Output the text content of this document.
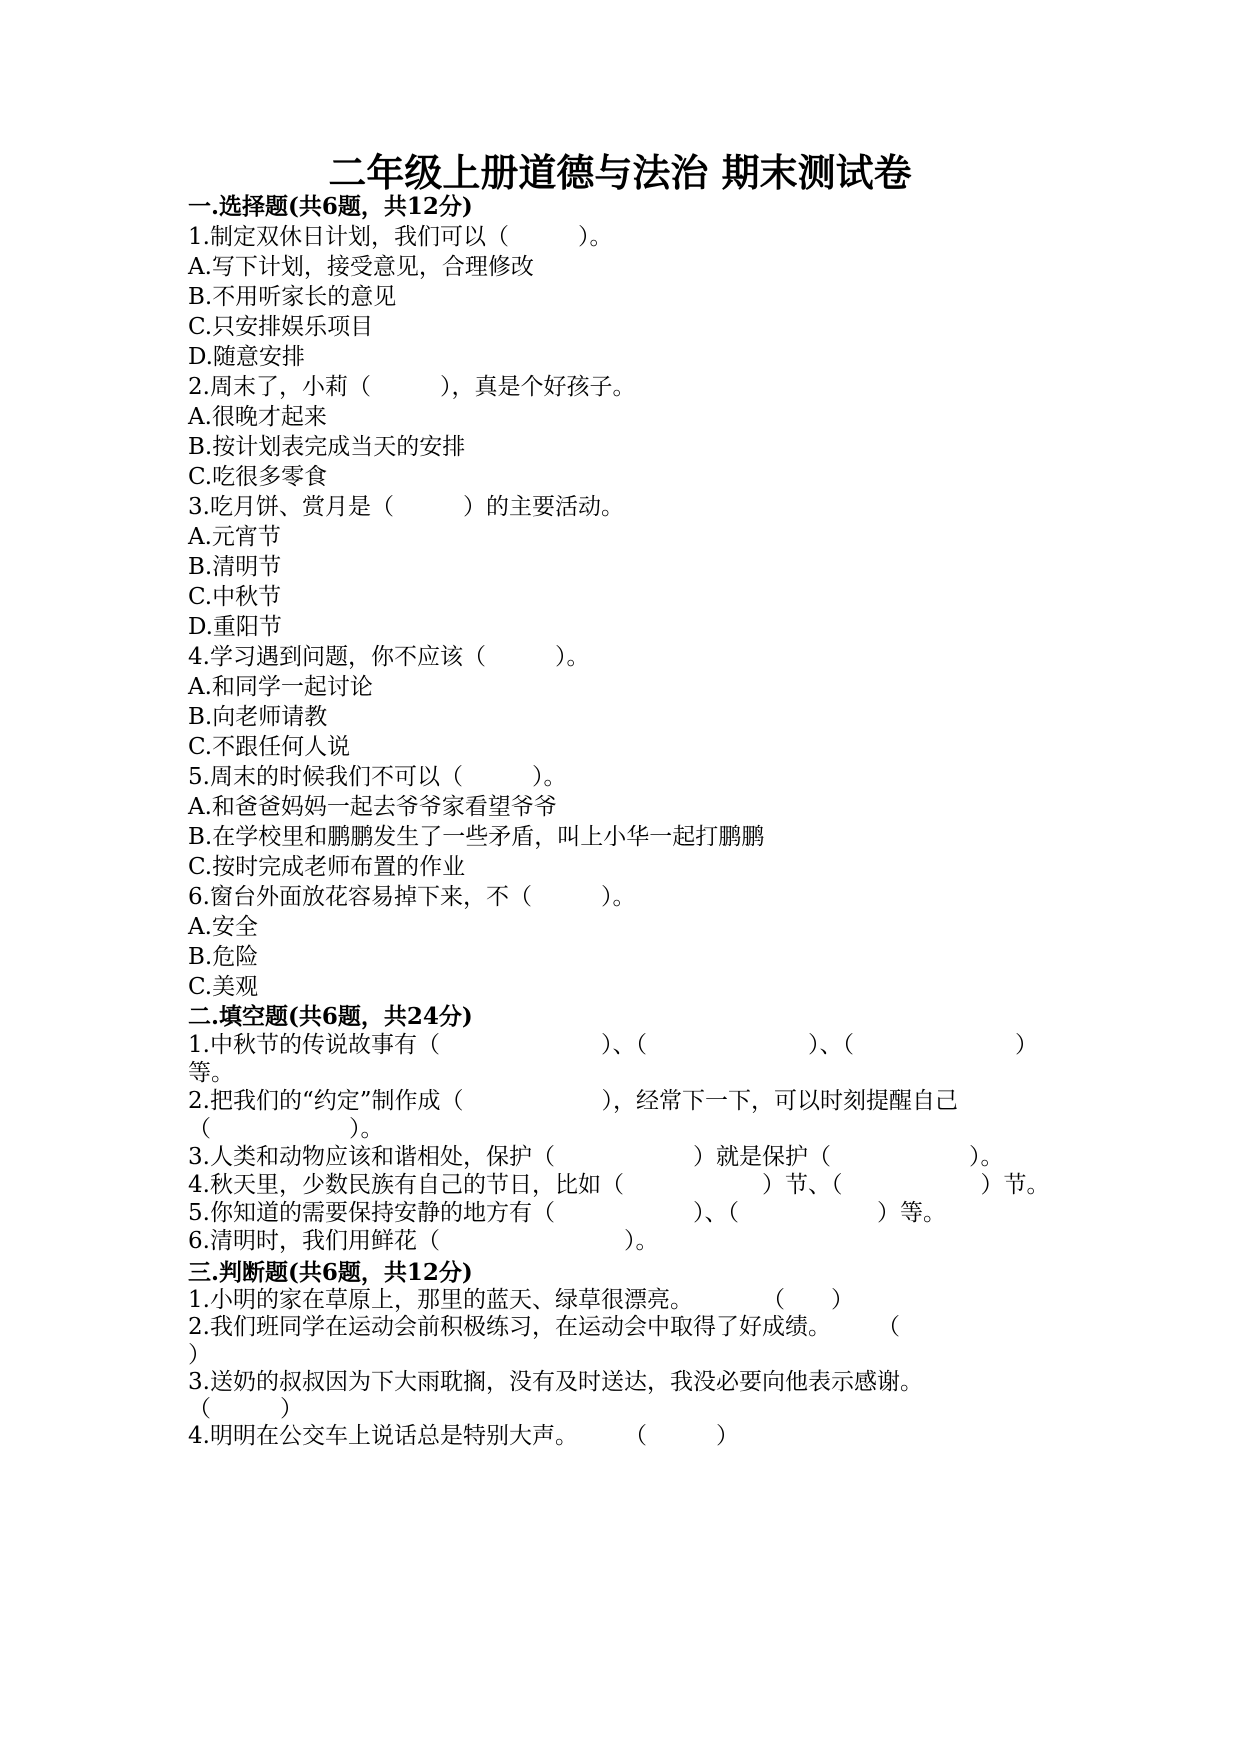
二年级上册道德与法治 期末测试卷
一.选择题(共6题，共12分)
1.制定双休日计划，我们可以（　　　）。
A.写下计划，接受意见，合理修改
B.不用听家长的意见
C.只安排娱乐项目
D.随意安排
2.周末了，小莉（　　　），真是个好孩子。
A.很晚才起来
B.按计划表完成当天的安排
C.吃很多零食
3.吃月饼、赏月是（　　　）的主要活动。
A.元宵节
B.清明节
C.中秋节
D.重阳节
4.学习遇到问题，你不应该（　　　）。
A.和同学一起讨论
B.向老师请教
C.不跟任何人说
5.周末的时候我们不可以（　　　）。
A.和爸爸妈妈一起去爷爷家看望爷爷
B.在学校里和鹏鹏发生了一些矛盾，叫上小华一起打鹏鹏
C.按时完成老师布置的作业
6.窗台外面放花容易掉下来，不（　　　）。
A.安全
B.危险
C.美观
二.填空题(共6题，共24分)
1.中秋节的传说故事有（　　　　　　　）、（　　　　　　　）、（　　　　　　　）
等。
2.把我们的“约定”制作成（　　　　　　），经常下一下，可以时刻提醒自己
（　　　　　　）。
3.人类和动物应该和谐相处，保护（　　　　　　）就是保护（　　　　　　）。
4.秋天里，少数民族有自己的节日，比如（　　　　　　）节、（　　　　　　）节。
5.你知道的需要保持安静的地方有（　　　　　　）、（　　　　　　）等。
6.清明时，我们用鲜花（　　　　　　　　）。
三.判断题(共6题，共12分)
1.小明的家在草原上，那里的蓝天、绿草很漂亮。　　　　（　　）
2.我们班同学在运动会前积极练习，在运动会中取得了好成绩。　　　（
）
3.送奶的叔叔因为下大雨耽搁，没有及时送达，我没必要向他表示感谢。
（　　　）
4.明明在公交车上说话总是特别大声。　　　（　　　）
